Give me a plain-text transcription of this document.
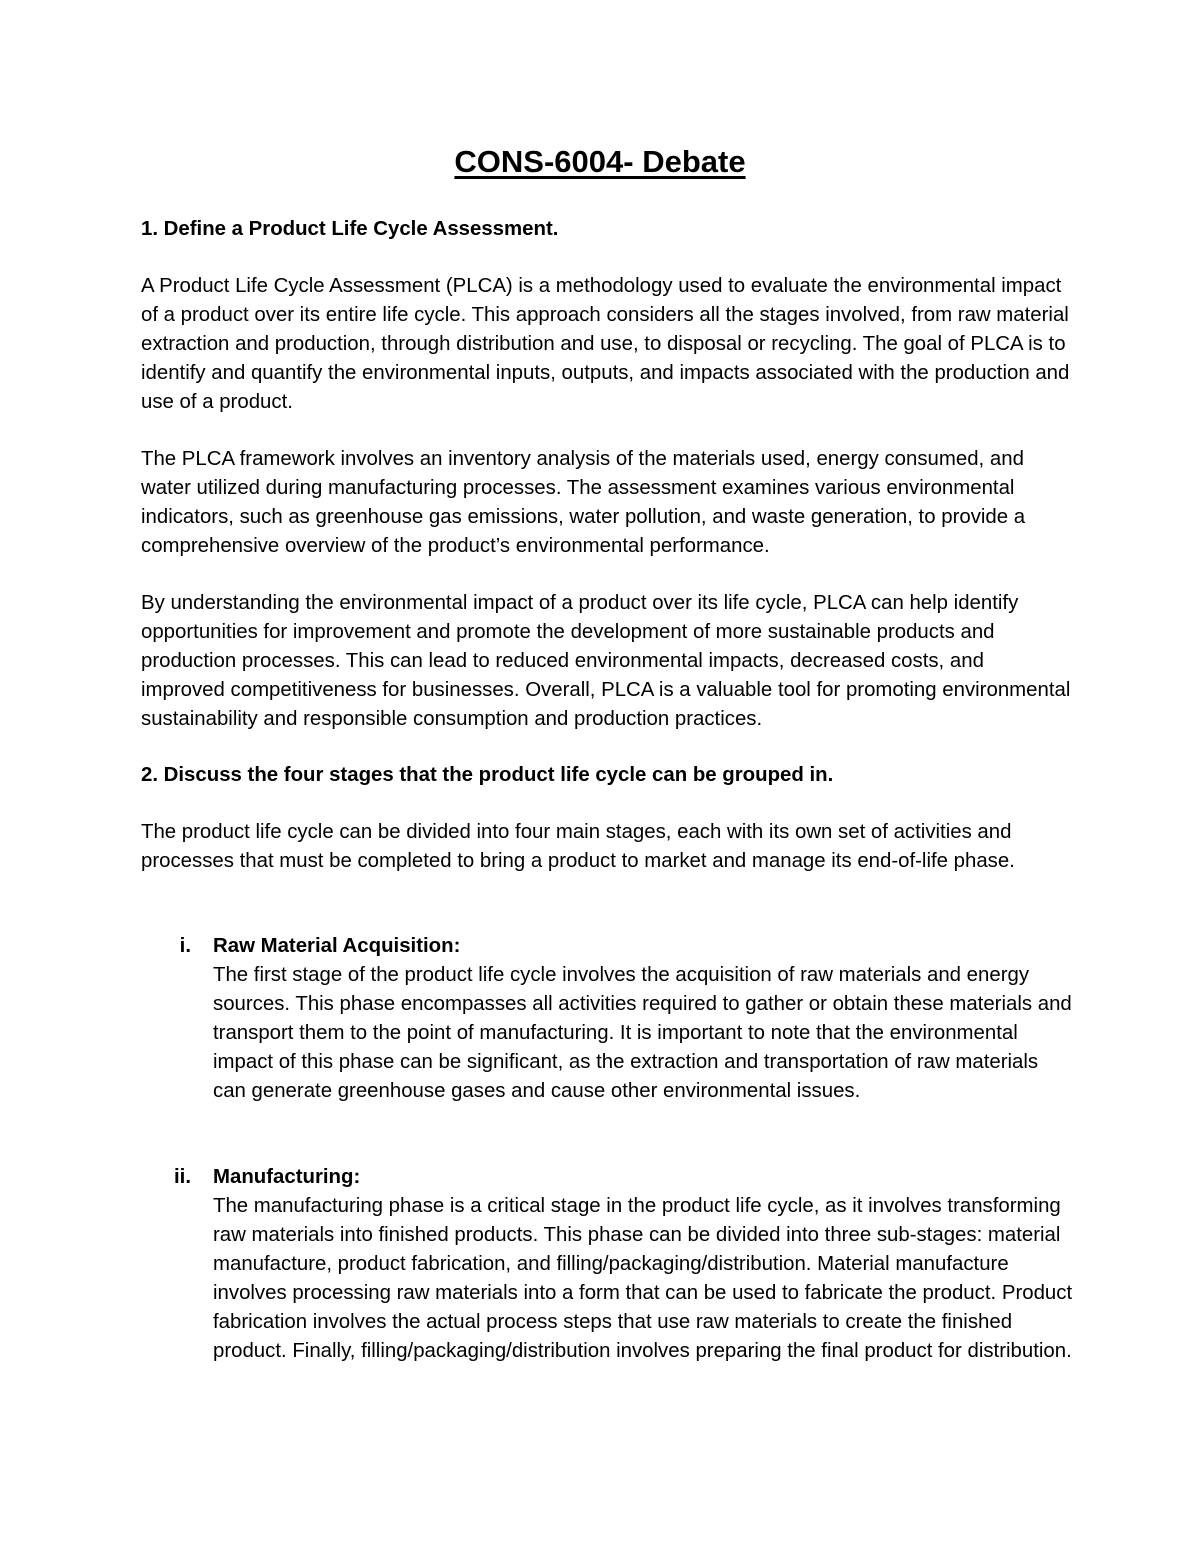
CONS-6004- Debate

1. Define a Product Life Cycle Assessment.

A Product Life Cycle Assessment (PLCA) is a methodology used to evaluate the environmental impact of a product over its entire life cycle. This approach considers all the stages involved, from raw material extraction and production, through distribution and use, to disposal or recycling. The goal of PLCA is to identify and quantify the environmental inputs, outputs, and impacts associated with the production and use of a product.

The PLCA framework involves an inventory analysis of the materials used, energy consumed, and water utilized during manufacturing processes. The assessment examines various environmental indicators, such as greenhouse gas emissions, water pollution, and waste generation, to provide a comprehensive overview of the product’s environmental performance.

By understanding the environmental impact of a product over its life cycle, PLCA can help identify opportunities for improvement and promote the development of more sustainable products and production processes. This can lead to reduced environmental impacts, decreased costs, and improved competitiveness for businesses. Overall, PLCA is a valuable tool for promoting environmental sustainability and responsible consumption and production practices.

2. Discuss the four stages that the product life cycle can be grouped in.

The product life cycle can be divided into four main stages, each with its own set of activities and processes that must be completed to bring a product to market and manage its end-of-life phase.

i. Raw Material Acquisition:

The first stage of the product life cycle involves the acquisition of raw materials and energy sources. This phase encompasses all activities required to gather or obtain these materials and transport them to the point of manufacturing. It is important to note that the environmental impact of this phase can be significant, as the extraction and transportation of raw materials can generate greenhouse gases and cause other environmental issues.

ii. Manufacturing:

The manufacturing phase is a critical stage in the product life cycle, as it involves transforming raw materials into finished products. This phase can be divided into three sub-stages: material manufacture, product fabrication, and filling/packaging/distribution. Material manufacture involves processing raw materials into a form that can be used to fabricate the product. Product fabrication involves the actual process steps that use raw materials to create the finished product. Finally, filling/packaging/distribution involves preparing the final product for distribution.
